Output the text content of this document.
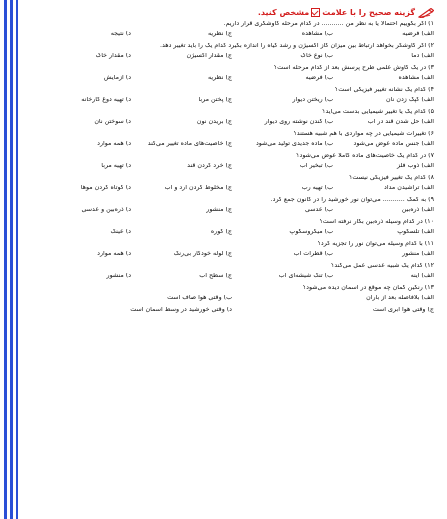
گزینه صحیح را با علامت
مشخص کنید.
۱) اگر بگوییم احتمالاً یا به نظر من ........... در کدام مرحله کاوشگری قرار داریم.
الف) فرضیه
ب) مشاهده
ج) نظریه
د) نتیجه
۲) اگر کاوشگر بخواهد ارتباط بین میزان گاز اکسیژن و رشد گیاه را اندازه بگیرد کدام یک را باید تغییر دهد.
الف) دما
ب) نوع خاک
ج) مقدار اکسیژن
د) مقدار خاک
۳) در یک کاوش علمی طرح پرسش بعد از کدام مرحله است؟
الف) مشاهده
ب) فرضیه
ج) نظریه
د) آزمایش
۴) کدام یک نشانه تغییر فیزیکی است؟
الف) کپک زدن نان
ب) ریختن دیوار
ج) پختن مربا
د) تهیه دوغ کارخانه
۵) کدام یک یا تغییر شیمیایی بدست می‌آید؟
الف) حل شدن قند در آب
ب) کندن نوشته روی دیوار
ج) بریدن نون
د) سوختن نان
۶) تغییرات شیمیایی در چه مواردی با هم شبیه هستند؟
الف) جنس ماده عوض می‌شود
ب) ماده جدیدی تولید می‌شود
ج) خاصیت‌های ماده تغییر می‌کند
د) همه موارد
۷) در کدام یک خاصیت‌های ماده کاملا عوض می‌شود؟
الف) ذوب فلز
ب) تبخیر آب
ج) خرد کردن قند
د) تهیه مربا
۸) کدام یک تغییر فیزیکی نیست؟
الف) تراشیدن مداد
ب) تهیه رب
ج) مخلوط کردن آرد و آب
د) کوتاه کردن موها
۹) به کمک ........... می‌توان نور خورشید را در کانون جمع کرد.
الف) ذره‌بین
ب) عدسی
ج) منشور
د) ذره‌بین و عدسی
۱۰) در کدام وسیله ذره‌بین بکار نرفته است؟
الف) تلسکوپ
ب) میکروسکوپ
ج) کوره
د) عینک
۱۱) با کدام وسیله می‌توان نور را تجزیه کرد؟
الف) منشور
ب) قطرات آب
ج) لوله خودکار بی‌رنگ
د) همه موارد
۱۲) کدام یک شبیه عدسی عمل می‌کند؟
الف) آینه
ب) تنگ شیشه‌ای آب
ج) سطح آب
د) منشور
۱۳) رنگین کمان چه موقع در آسمان دیده می‌شود؟
الف) بلافاصله بعد از باران
ب) وقتی هوا صاف است
ج) وقتی هوا ابری است
د) وقتی خورشید در وسط آسمان است
